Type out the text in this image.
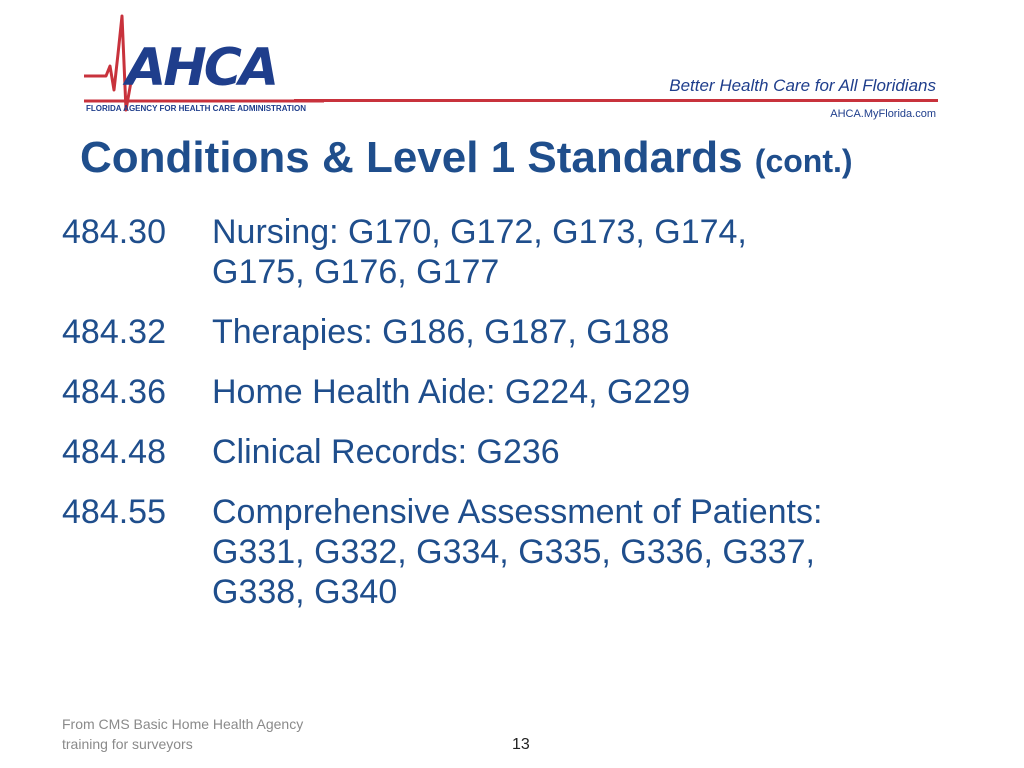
AHCA
FLORIDA AGENCY FOR HEALTH CARE ADMINISTRATION
Better Health Care for All Floridians
AHCA.MyFlorida.com
Conditions & Level 1 Standards (cont.)
484.30	Nursing: G170, G172, G173, G174,
G175, G176, G177
484.32	Therapies: G186, G187, G188
484.36	Home Health Aide: G224, G229
484.48	Clinical Records: G236
484.55	Comprehensive Assessment of Patients:
G331, G332, G334, G335, G336, G337,
G338, G340
From CMS Basic Home Health Agency
training for surveyors	13
